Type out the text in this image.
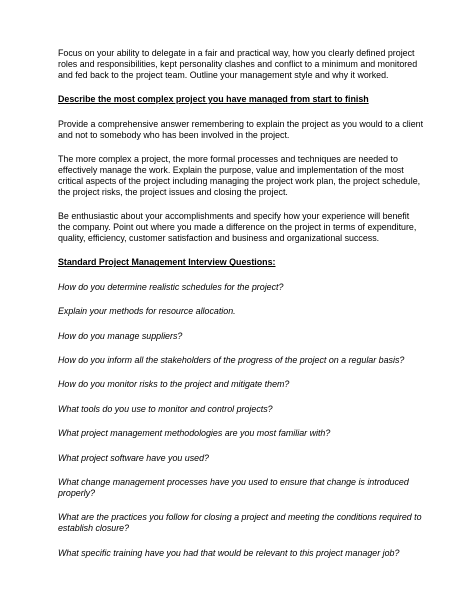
Focus on your ability to delegate in a fair and practical way, how you clearly defined project roles and responsibilities, kept personality clashes and conflict to a minimum and monitored and fed back to the project team. Outline your management style and why it worked.

Describe the most complex project you have managed from start to finish

Provide a comprehensive answer remembering to explain the project as you would to a client and not to somebody who has been involved in the project.

The more complex a project, the more formal processes and techniques are needed to effectively manage the work. Explain the purpose, value and implementation of the most critical aspects of the project including managing the project work plan, the project schedule, the project risks, the project issues and closing the project.

Be enthusiastic about your accomplishments and specify how your experience will benefit the company. Point out where you made a difference on the project in terms of expenditure, quality, efficiency, customer satisfaction and business and organizational success.

Standard Project Management Interview Questions:

How do you determine realistic schedules for the project?

Explain your methods for resource allocation.

How do you manage suppliers?

How do you inform all the stakeholders of the progress of the project on a regular basis?

How do you monitor risks to the project and mitigate them?

What tools do you use to monitor and control projects?

What project management methodologies are you most familiar with?

What project software have you used?

What change management processes have you used to ensure that change is introduced properly?

What are the practices you follow for closing a project and meeting the conditions required to establish closure?

What specific training have you had that would be relevant to this project manager job?
